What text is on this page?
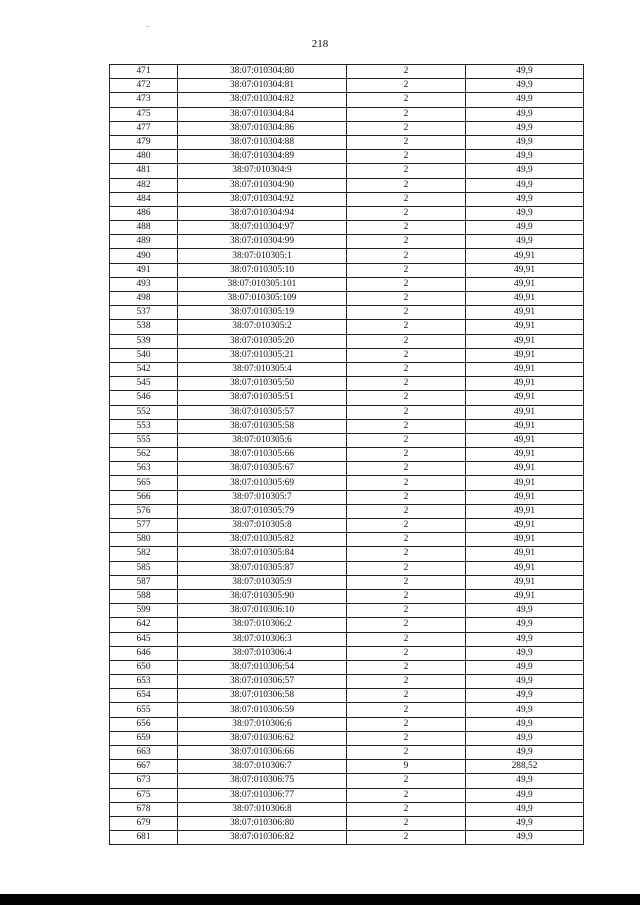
218
471	38:07:010304:80	2	49,9
472	38:07:010304:81	2	49,9
473	38:07:010304:82	2	49,9
475	38:07:010304:84	2	49,9
477	38:07:010304:86	2	49,9
479	38:07:010304:88	2	49,9
480	38:07:010304:89	2	49,9
481	38:07:010304:9	2	49,9
482	38:07:010304:90	2	49,9
484	38:07:010304:92	2	49,9
486	38:07:010304:94	2	49,9
488	38:07:010304:97	2	49,9
489	38:07:010304:99	2	49,9
490	38:07:010305:1	2	49,91
491	38:07:010305:10	2	49,91
493	38:07:010305:101	2	49,91
498	38:07:010305:109	2	49,91
537	38:07:010305:19	2	49,91
538	38:07:010305:2	2	49,91
539	38:07:010305:20	2	49,91
540	38:07:010305:21	2	49,91
542	38:07:010305:4	2	49,91
545	38:07:010305:50	2	49,91
546	38:07:010305:51	2	49,91
552	38:07:010305:57	2	49,91
553	38:07:010305:58	2	49,91
555	38:07:010305:6	2	49,91
562	38:07:010305:66	2	49,91
563	38:07:010305:67	2	49,91
565	38:07:010305:69	2	49,91
566	38:07:010305:7	2	49,91
576	38:07:010305:79	2	49,91
577	38:07:010305:8	2	49,91
580	38:07:010305:82	2	49,91
582	38:07:010305:84	2	49,91
585	38:07:010305:87	2	49,91
587	38:07:010305:9	2	49,91
588	38:07:010305:90	2	49,91
599	38:07:010306:10	2	49,9
642	38:07:010306:2	2	49,9
645	38:07:010306:3	2	49,9
646	38:07:010306:4	2	49,9
650	38:07:010306:54	2	49,9
653	38:07:010306:57	2	49,9
654	38:07:010306:58	2	49,9
655	38:07:010306:59	2	49,9
656	38:07:010306:6	2	49,9
659	38:07:010306:62	2	49,9
663	38:07:010306:66	2	49,9
667	38:07:010306:7	9	288,52
673	38:07:010306:75	2	49,9
675	38:07:010306:77	2	49,9
678	38:07:010306:8	2	49,9
679	38:07:010306:80	2	49,9
681	38:07:010306:82	2	49,9
